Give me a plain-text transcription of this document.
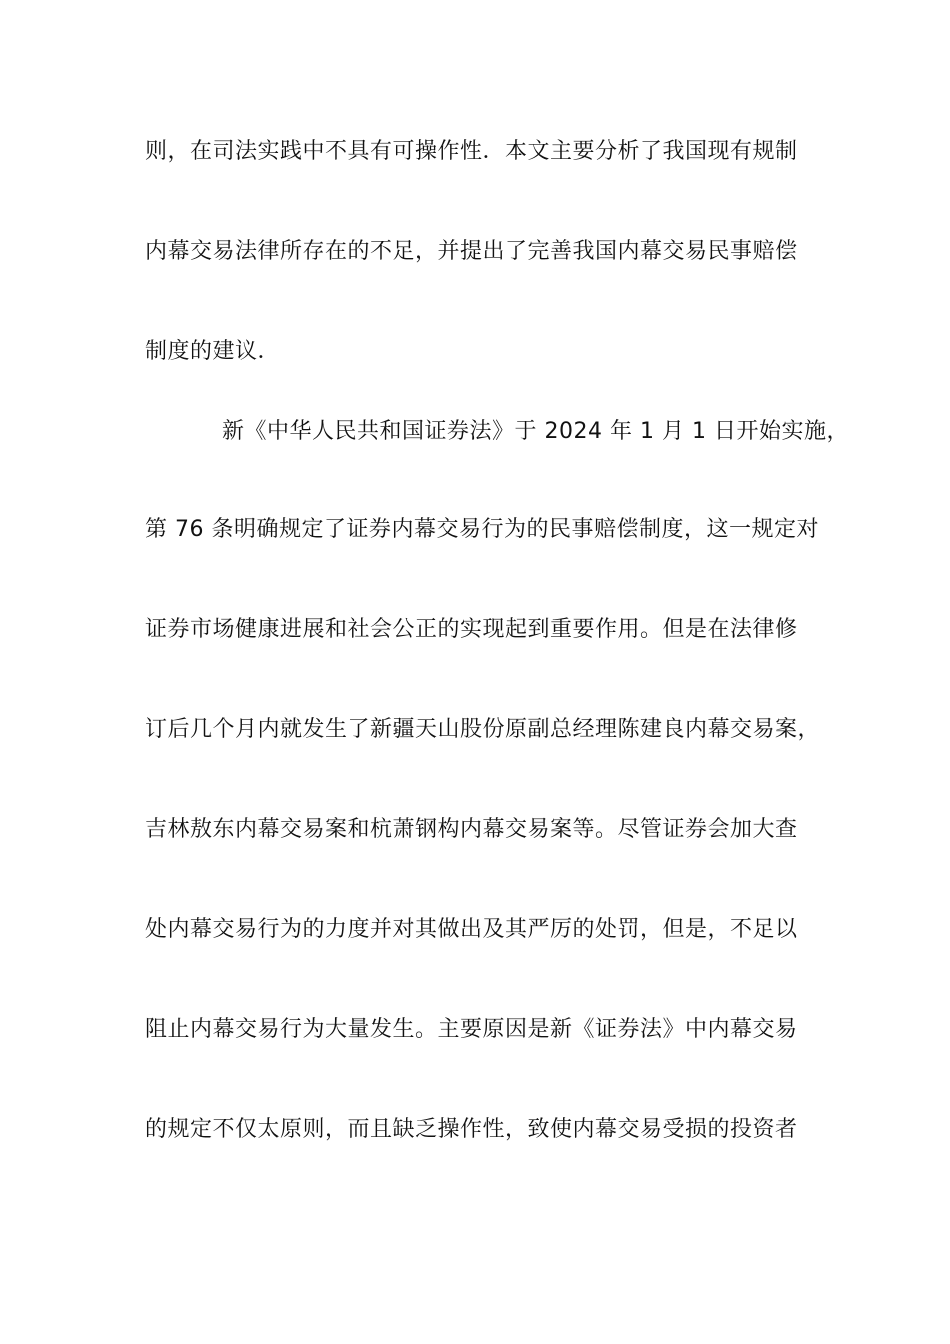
则，在司法实践中不具有可操作性．本文主要分析了我国现有规制
内幕交易法律所存在的不足，并提出了完善我国内幕交易民事赔偿
制度的建议．
新《中华人民共和国证券法》于 2024 年 1 月 1 日开始实施，
第 76 条明确规定了证券内幕交易行为的民事赔偿制度，这一规定对
证券市场健康进展和社会公正的实现起到重要作用。但是在法律修
订后几个月内就发生了新疆天山股份原副总经理陈建良内幕交易案，
吉林敖东内幕交易案和杭萧钢构内幕交易案等。尽管证券会加大查
处内幕交易行为的力度并对其做出及其严厉的处罚，但是，不足以
阻止内幕交易行为大量发生。主要原因是新《证券法》中内幕交易
的规定不仅太原则，而且缺乏操作性，致使内幕交易受损的投资者
